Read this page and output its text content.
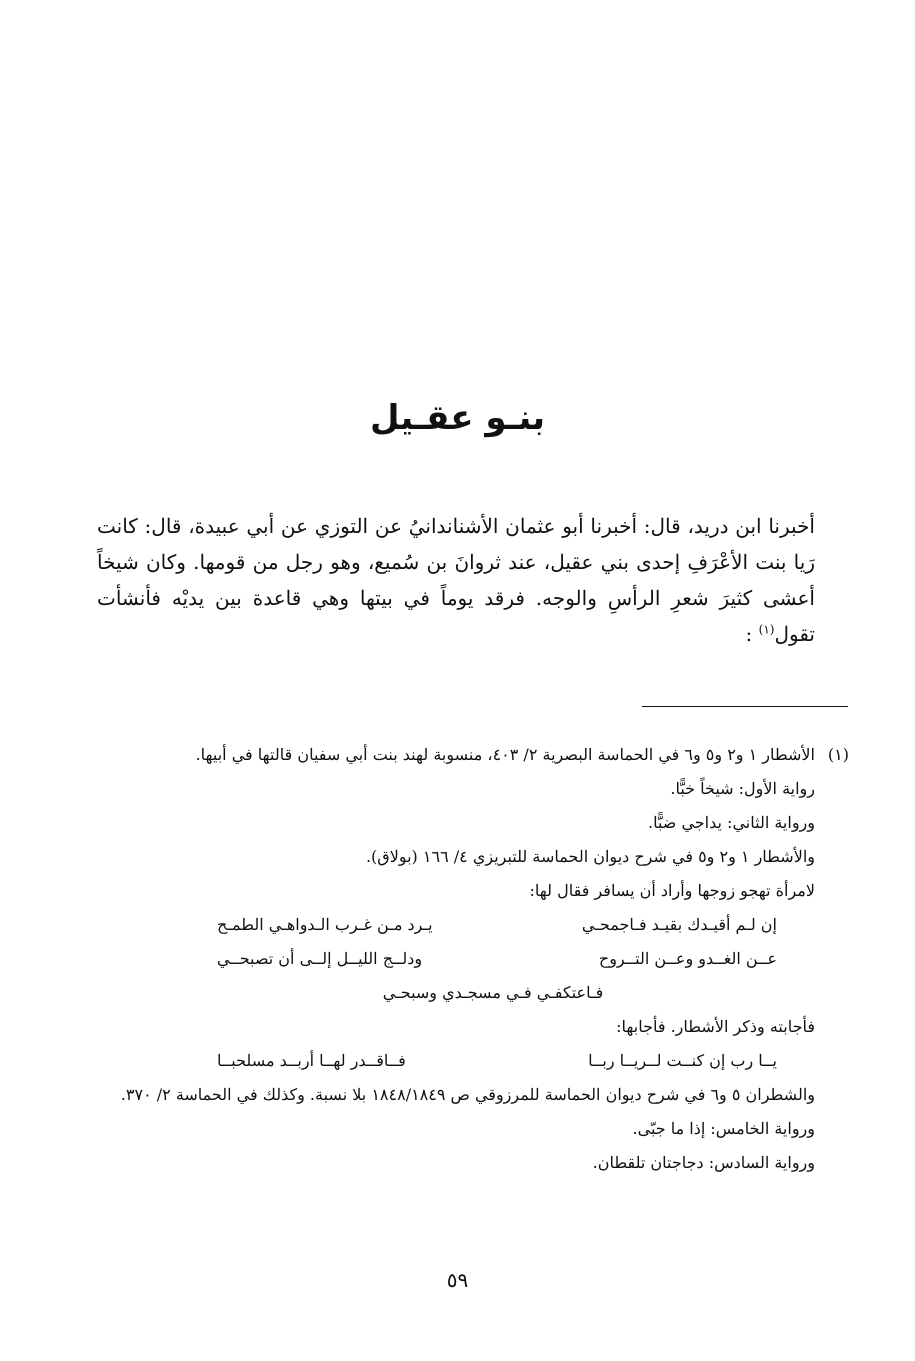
بنـو عقـيل

أخبرنا ابن دريد، قال: أخبرنا أبو عثمان الأشناندانيُ عن التوزي عن أبي عبيدة، قال: كانت رَيا بنت الأعْرَفِ إحدى بني عقيل، عند ثروانَ بن سُميع، وهو رجل من قومها. وكان شيخاً أعشى كثيرَ شعرِ الرأسِ والوجه. فرقد يوماً في بيتها وهي قاعدة بين يديْه فأنشأت تقول$^{(١)}$ :

(١)
الأشطار ١ و٢ و٥ و٦ في الحماسة البصرية ٢/ ٤٠٣، منسوبة لهند بنت أبي سفيان قالتها في أبيها.
رواية الأول: شيخاً خبًّا.
ورواية الثاني: يداجي ضبًّا.
والأشطار ١ و٢ و٥ في شرح ديوان الحماسة للتبريزي ٤/ ١٦٦ (بولاق).
لامرأة تهجو زوجها وأراد أن يسافر فقال لها:
إن لـم أقيـدك بقيـد فـاجمحـي
يـرد مـن غـرب الـدواهـي الطمـح
عــن الغــدو وعــن التــروح
ودلــج الليــل إلــى أن تصبحــي
فـاعتكفـي فـي مسجـدي وسبحـي
فأجابته وذكر الأشطار. فأجابها:
يــا رب إن كنــت لــريــا ربــا
فــاقــدر لهــا أربــد مسلحبــا
والشطران ٥ و٦ في شرح ديوان الحماسة للمرزوقي ص ١٨٤٨/١٨٤٩ بلا نسبة. وكذلك في الحماسة ٢/ ٣٧٠.
ورواية الخامس: إذا ما جبّى.
ورواية السادس: دجاجتان تلقطان.
٥٩
